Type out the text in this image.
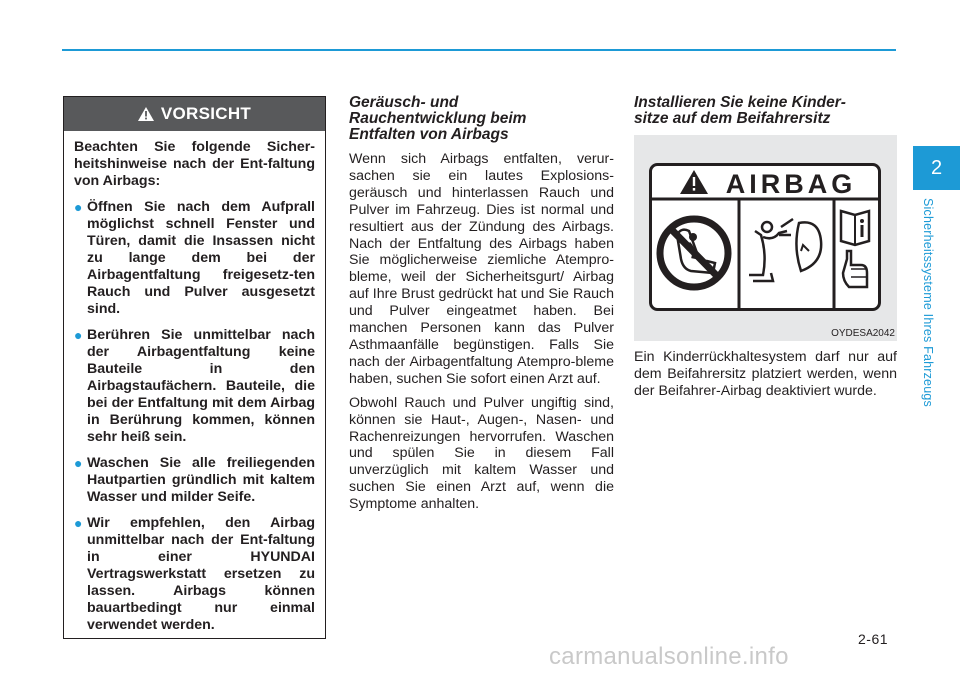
2
Sicherheitssysteme Ihres Fahrzeugs
VORSICHT

Beachten Sie folgende Sicher-heitshinweise nach der Ent-faltung von Airbags:

● Öffnen Sie nach dem Aufprall möglichst schnell Fenster und Türen, damit die Insassen nicht zu lange dem bei der Airbagentfaltung freigesetz-ten Rauch und Pulver ausgesetzt sind.
● Berühren Sie unmittelbar nach der Airbagentfaltung keine Bauteile in den Airbagstaufächern. Bauteile, die bei der Entfaltung mit dem Airbag in Berührung kommen, können sehr heiß sein.
● Waschen Sie alle freiliegenden Hautpartien gründlich mit kaltem Wasser und milder Seife.
● Wir empfehlen, den Airbag unmittelbar nach der Ent-faltung in einer HYUNDAI Vertragswerkstatt ersetzen zu lassen. Airbags können bauartbedingt nur einmal verwendet werden.
Geräusch- und
Rauchentwicklung beim
Entfalten von Airbags

Wenn sich Airbags entfalten, verur-sachen sie ein lautes Explosions-geräusch und hinterlassen Rauch und Pulver im Fahrzeug. Dies ist normal und resultiert aus der Zündung des Airbags. Nach der Entfaltung des Airbags haben Sie möglicherweise ziemliche Atempro-bleme, weil der Sicherheitsgurt/ Airbag auf Ihre Brust gedrückt hat und Sie Rauch und Pulver eingeatmet haben. Bei manchen Personen kann das Pulver Asthmaanfälle begünstigen. Falls Sie nach der Airbagentfaltung Atempro-bleme haben, suchen Sie sofort einen Arzt auf.

Obwohl Rauch und Pulver ungiftig sind, können sie Haut-, Augen-, Nasen- und Rachenreizungen hervorrufen. Waschen und spülen Sie in diesem Fall unverzüglich mit kaltem Wasser und suchen Sie einen Arzt auf, wenn die Symptome anhalten.

Installieren Sie keine Kinder-
sitze auf dem Beifahrersitz
AIRBAG
OYDESA2042

Ein Kinderrückhaltesystem darf nur auf dem Beifahrersitz platziert werden, wenn der Beifahrer-Airbag deaktiviert wurde.

2-61
carmanualsonline.info
